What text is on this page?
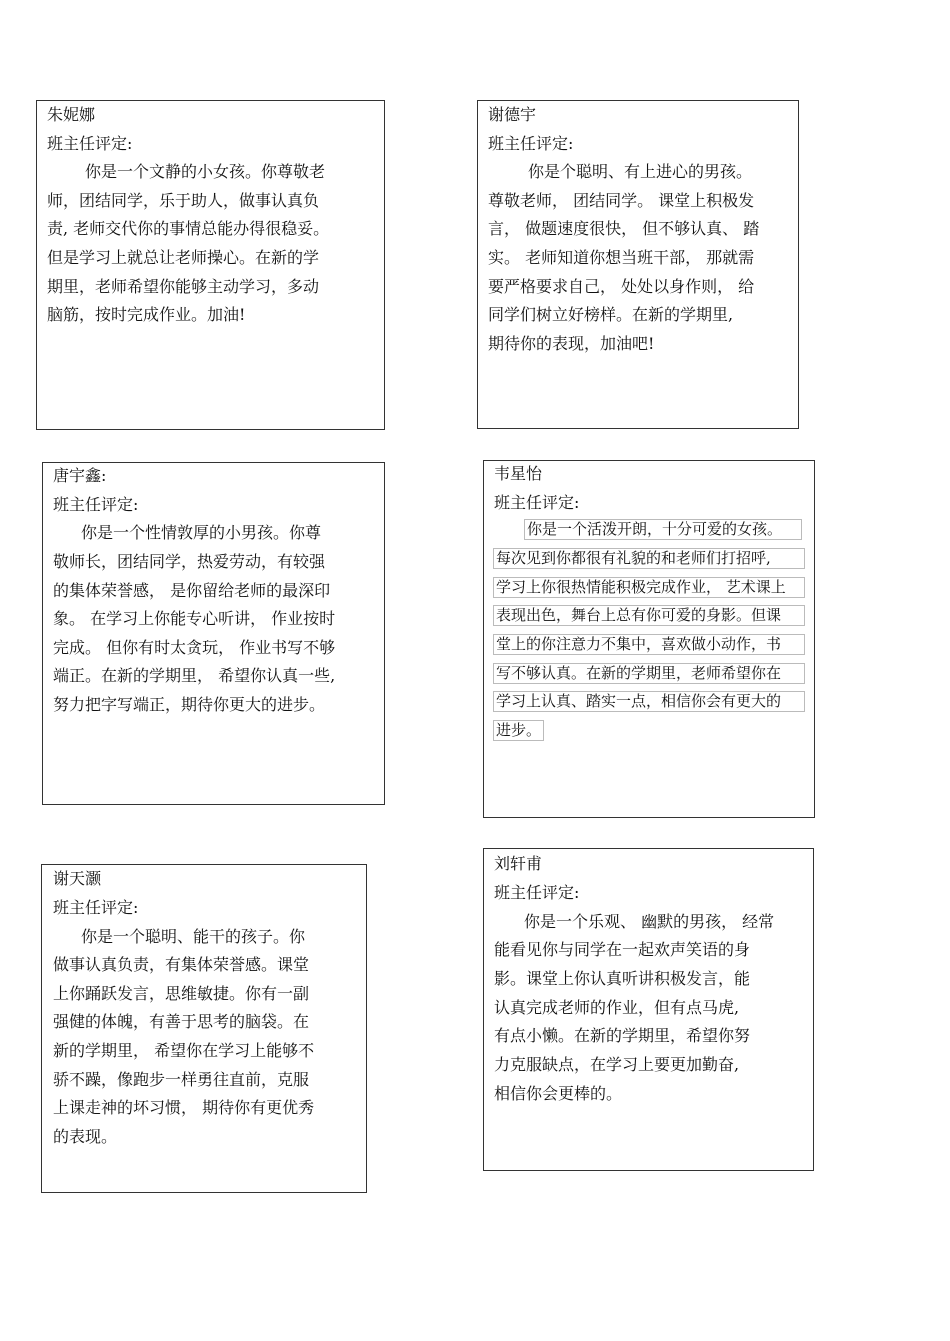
朱妮娜
班主任评定:
你是一个文静的小女孩。你尊敬老
师，团结同学，乐于助人，做事认真负
责, 老师交代你的事情总能办得很稳妥。
但是学习上就总让老师操心。在新的学
期里，老师希望你能够主动学习，多动
脑筋，按时完成作业。加油!
谢德宇
班主任评定:
你是个聪明、有上进心的男孩。
尊敬老师， 团结同学。 课堂上积极发
言， 做题速度很快， 但不够认真、 踏
实。 老师知道你想当班干部， 那就需
要严格要求自己， 处处以身作则， 给
同学们树立好榜样。在新的学期里,
期待你的表现，加油吧!
唐宇鑫:
班主任评定:
你是一个性情敦厚的小男孩。你尊
敬师长，团结同学，热爱劳动，有较强
的集体荣誉感， 是你留给老师的最深印
象。 在学习上你能专心听讲， 作业按时
完成。 但你有时太贪玩， 作业书写不够
端正。在新的学期里， 希望你认真一些,
努力把字写端正，期待你更大的进步。
韦星怡
班主任评定:
你是一个活泼开朗，十分可爱的女孩。
每次见到你都很有礼貌的和老师们打招呼,
学习上你很热情能积极完成作业， 艺术课上
表现出色，舞台上总有你可爱的身影。但课
堂上的你注意力不集中，喜欢做小动作，书
写不够认真。在新的学期里，老师希望你在
学习上认真、踏实一点，相信你会有更大的
进步。
谢天灏
班主任评定:
你是一个聪明、能干的孩子。你
做事认真负责，有集体荣誉感。课堂
上你踊跃发言，思维敏捷。你有一副
强健的体魄，有善于思考的脑袋。在
新的学期里， 希望你在学习上能够不
骄不躁，像跑步一样勇往直前，克服
上课走神的坏习惯， 期待你有更优秀
的表现。
刘轩甫
班主任评定:
你是一个乐观、 幽默的男孩， 经常
能看见你与同学在一起欢声笑语的身
影。课堂上你认真听讲积极发言，能
认真完成老师的作业，但有点马虎,
有点小懒。在新的学期里，希望你努
力克服缺点，在学习上要更加勤奋,
相信你会更棒的。
